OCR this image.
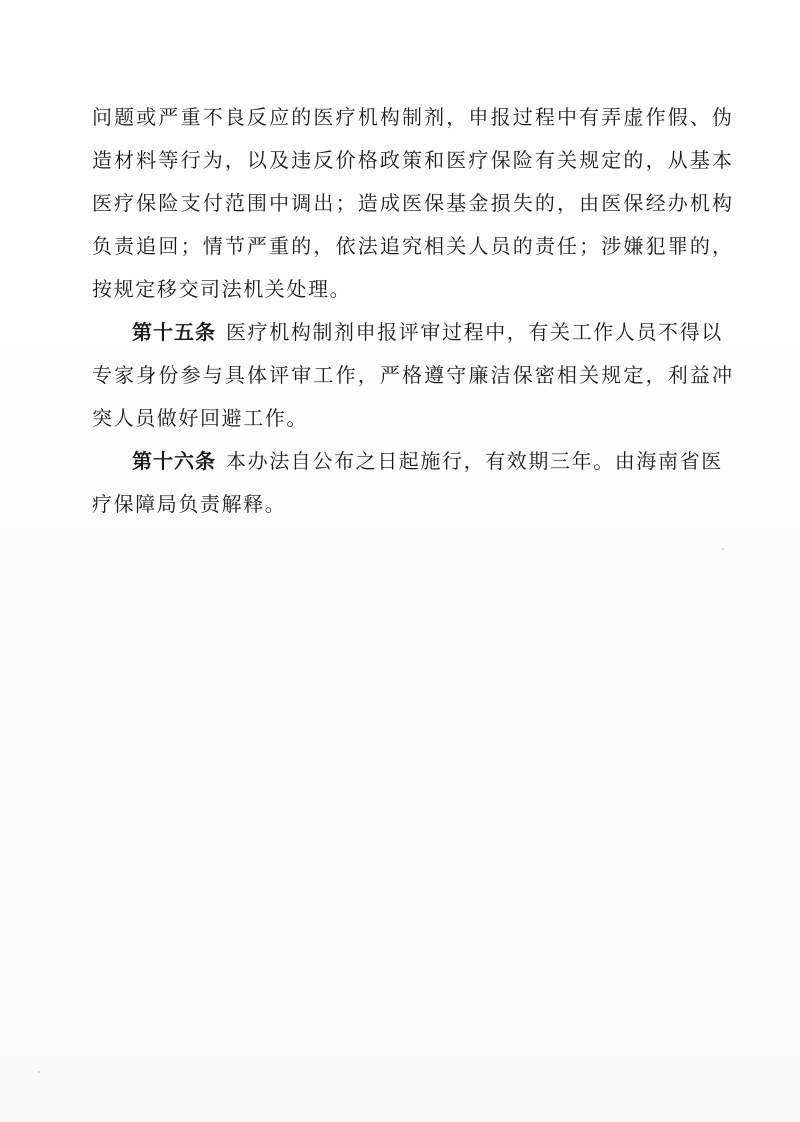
问题或严重不良反应的医疗机构制剂，申报过程中有弄虚作假、伪
造材料等行为，以及违反价格政策和医疗保险有关规定的，从基本
医疗保险支付范围中调出；造成医保基金损失的，由医保经办机构
负责追回；情节严重的，依法追究相关人员的责任；涉嫌犯罪的，
按规定移交司法机关处理。
第十五条 医疗机构制剂申报评审过程中，有关工作人员不得以
专家身份参与具体评审工作，严格遵守廉洁保密相关规定，利益冲
突人员做好回避工作。
第十六条 本办法自公布之日起施行，有效期三年。由海南省医
疗保障局负责解释。
